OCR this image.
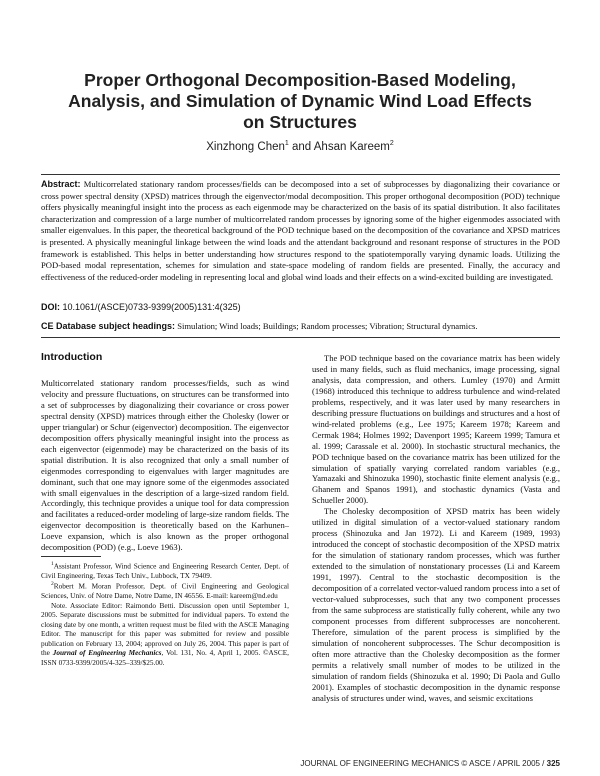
Proper Orthogonal Decomposition-Based Modeling, Analysis, and Simulation of Dynamic Wind Load Effects on Structures
Xinzhong Chen$^1$ and Ahsan Kareem$^2$
Abstract: Multicorrelated stationary random processes/fields can be decomposed into a set of subprocesses by diagonalizing their covariance or cross power spectral density (XPSD) matrices through the eigenvector/modal decomposition. This proper orthogonal decomposition (POD) technique offers physically meaningful insight into the process as each eigenmode may be characterized on the basis of its spatial distribution. It also facilitates characterization and compression of a large number of multicorrelated random processes by ignoring some of the higher eigenmodes associated with smaller eigenvalues. In this paper, the theoretical background of the POD technique based on the decomposition of the covariance and XPSD matrices is presented. A physically meaningful linkage between the wind loads and the attendant background and resonant response of structures in the POD framework is established. This helps in better understanding how structures respond to the spatiotemporally varying dynamic loads. Utilizing the POD-based modal representation, schemes for simulation and state-space modeling of random fields are presented. Finally, the accuracy and effectiveness of the reduced-order modeling in representing local and global wind loads and their effects on a wind-excited building are investigated.
DOI: 10.1061/(ASCE)0733-9399(2005)131:4(325)
CE Database subject headings: Simulation; Wind loads; Buildings; Random processes; Vibration; Structural dynamics.
Introduction

Multicorrelated stationary random processes/fields, such as wind velocity and pressure fluctuations, on structures can be transformed into a set of subprocesses by diagonalizing their covariance or cross power spectral density (XPSD) matrices through either the Cholesky (lower or upper triangular) or Schur (eigenvector) decomposition. The eigenvector decomposition offers physically meaningful insight into the process as each eigenvector (eigenmode) may be characterized on the basis of its spatial distribution. It is also recognized that only a small number of eigenmodes corresponding to eigenvalues with larger magnitudes are dominant, such that one may ignore some of the eigenmodes associated with small eigenvalues in the description of a large-sized random field. Accordingly, this technique provides a unique tool for data compression and facilitates a reduced-order modeling of large-size random fields. The eigenvector decomposition is theoretically based on the Karhunen–Loeve expansion, which is also known as the proper orthogonal decomposition (POD) (e.g., Loeve 1963).

$^1$Assistant Professor, Wind Science and Engineering Research Center, Dept. of Civil Engineering, Texas Tech Univ., Lubbock, TX 79409.

$^2$Robert M. Moran Professor, Dept. of Civil Engineering and Geological Sciences, Univ. of Notre Dame, Notre Dame, IN 46556. E-mail: kareem@nd.edu

Note. Associate Editor: Raimondo Betti. Discussion open until September 1, 2005. Separate discussions must be submitted for individual papers. To extend the closing date by one month, a written request must be filed with the ASCE Managing Editor. The manuscript for this paper was submitted for review and possible publication on February 13, 2004; approved on July 26, 2004. This paper is part of the Journal of Engineering Mechanics, Vol. 131, No. 4, April 1, 2005. ©ASCE, ISSN 0733-9399/2005/4-325–339/$25.00.

The POD technique based on the covariance matrix has been widely used in many fields, such as fluid mechanics, image processing, signal analysis, data compression, and others. Lumley (1970) and Armitt (1968) introduced this technique to address turbulence and wind-related problems, respectively, and it was later used by many researchers in describing pressure fluctuations on buildings and structures and a host of wind-related problems (e.g., Lee 1975; Kareem 1978; Kareem and Cermak 1984; Holmes 1992; Davenport 1995; Kareem 1999; Tamura et al. 1999; Carassale et al. 2000). In stochastic structural mechanics, the POD technique based on the covariance matrix has been utilized for the simulation of spatially varying correlated random variables (e.g., Yamazaki and Shinozuka 1990), stochastic finite element analysis (e.g., Ghanem and Spanos 1991), and stochastic dynamics (Vasta and Schueller 2000).

The Cholesky decomposition of XPSD matrix has been widely utilized in digital simulation of a vector-valued stationary random process (Shinozuka and Jan 1972). Li and Kareem (1989, 1993) introduced the concept of stochastic decomposition of the XPSD matrix for the simulation of stationary random processes, which was further extended to the simulation of nonstationary processes (Li and Kareem 1991, 1997). Central to the stochastic decomposition is the decomposition of a correlated vector-valued random process into a set of vector-valued subprocesses, such that any two component processes from the same subprocess are statistically fully coherent, while any two component processes from different subprocesses are noncoherent. Therefore, simulation of the parent process is simplified by the simulation of noncoherent subprocesses. The Schur decomposition is often more attractive than the Cholesky decomposition as the former permits a relatively small number of modes to be utilized in the simulation of random fields (Shinozuka et al. 1990; Di Paola and Gullo 2001). Examples of stochastic decomposition in the dynamic response analysis of structures under wind, waves, and seismic excitations

JOURNAL OF ENGINEERING MECHANICS © ASCE / APRIL 2005 / 325
